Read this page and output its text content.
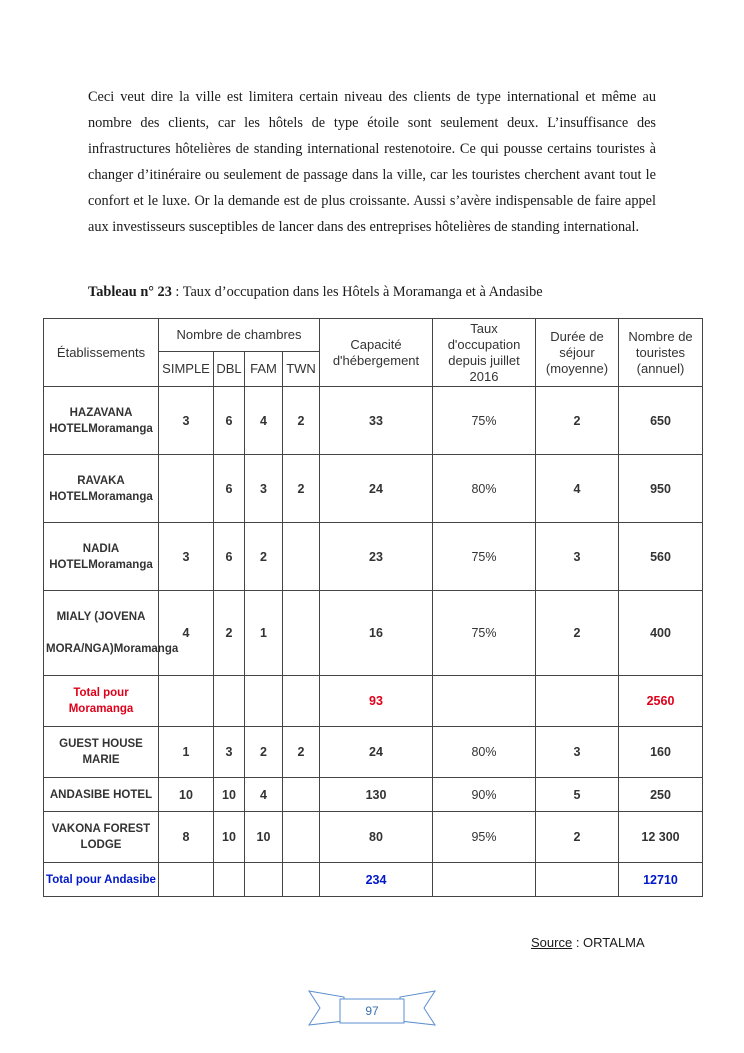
Ceci veut dire la ville est limitera certain niveau des clients de type international et même au nombre des clients, car les hôtels de type étoile sont seulement deux. L’insuffisance des infrastructures hôtelières de standing international restenotoire. Ce qui pousse certains touristes à changer d’itinéraire ou seulement de passage dans la ville, car les touristes cherchent avant tout le confort et le luxe. Or la demande est de plus croissante. Aussi s’avère indispensable de faire appel aux investisseurs susceptibles de lancer dans des entreprises hôtelières de standing international.

Tableau n° 23 : Taux d’occupation dans les Hôtels à Moramanga et à Andasibe

Établissements	Nombre de chambres				Capacité d'hébergement	Taux d'occupation depuis juillet 2016	Durée de séjour (moyenne)	Nombre de touristes (annuel)
	SIMPLE	DBL	FAM	TWN				
HAZAVANA HOTELMoramanga	3	6	4	2	33	75%	2	650
RAVAKA HOTELMoramanga		6	3	2	24	80%	4	950
NADIA HOTELMoramanga	3	6	2		23	75%	3	560

MIALY (JOVENA
MORA/NGA)Moramanga	4	2	1		16	75%	2	400
Total pour Moramanga					93			2560
GUEST HOUSE MARIE	1	3	2	2	24	80%	3	160
ANDASIBE HOTEL	10	10	4		130	90%	5	250
VAKONA FOREST LODGE	8	10	10		80	95%	2	12 300
Total pour Andasibe					234			12710

Source : ORTALMA

97
